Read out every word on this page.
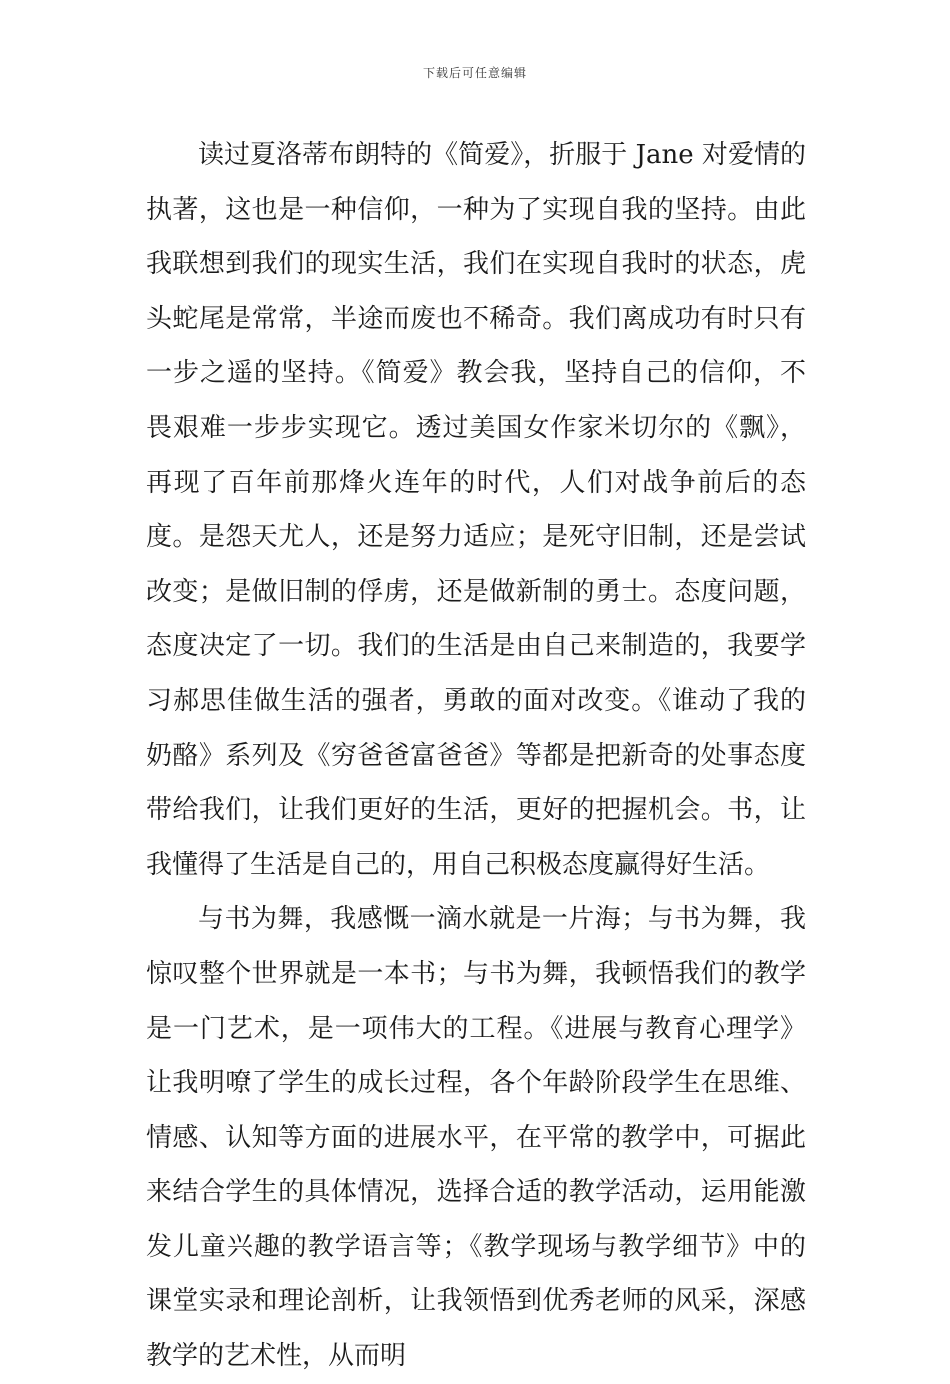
下载后可任意编辑

读过夏洛蒂布朗特的《简爱》，折服于 Jane 对爱情的执著，这也是一种信仰，一种为了实现自我的坚持。由此我联想到我们的现实生活，我们在实现自我时的状态，虎头蛇尾是常常，半途而废也不稀奇。我们离成功有时只有一步之遥的坚持。《简爱》教会我，坚持自己的信仰，不畏艰难一步步实现它。透过美国女作家米切尔的《飘》，再现了百年前那烽火连年的时代，人们对战争前后的态度。是怨天尤人，还是努力适应；是死守旧制，还是尝试改变；是做旧制的俘虏，还是做新制的勇士。态度问题，态度决定了一切。我们的生活是由自己来制造的，我要学习郝思佳做生活的强者，勇敢的面对改变。《谁动了我的奶酪》系列及《穷爸爸富爸爸》等都是把新奇的处事态度带给我们，让我们更好的生活，更好的把握机会。书，让我懂得了生活是自己的，用自己积极态度赢得好生活。

与书为舞，我感慨一滴水就是一片海；与书为舞，我惊叹整个世界就是一本书；与书为舞，我顿悟我们的教学是一门艺术，是一项伟大的工程。《进展与教育心理学》让我明嘹了学生的成长过程，各个年龄阶段学生在思维、情感、认知等方面的进展水平，在平常的教学中，可据此来结合学生的具体情况，选择合适的教学活动，运用能激发儿童兴趣的教学语言等；《教学现场与教学细节》中的课堂实录和理论剖析，让我领悟到优秀老师的风采，深感教学的艺术性，从而明
